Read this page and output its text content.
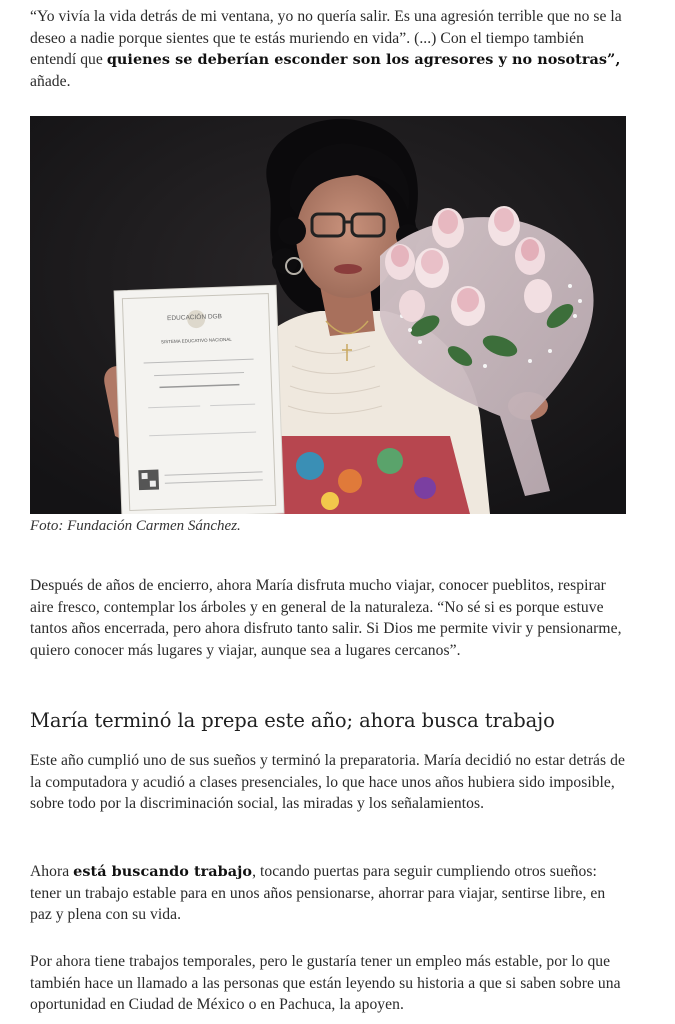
“Yo vivía la vida detrás de mi ventana, yo no quería salir. Es una agresión terrible que no se la deseo a nadie porque sientes que te estás muriendo en vida”. (...) Con el tiempo también entendí que quienes se deberían esconder son los agresores y no nosotras”, añade.

EDUCACIÓN DGB
SISTEMA EDUCATIVO NACIONAL
Foto: Fundación Carmen Sánchez.

Después de años de encierro, ahora María disfruta mucho viajar, conocer pueblitos, respirar aire fresco, contemplar los árboles y en general de la naturaleza. “No sé si es porque estuve tantos años encerrada, pero ahora disfruto tanto salir. Si Dios me permite vivir y pensionarme, quiero conocer más lugares y viajar, aunque sea a lugares cercanos”.

María terminó la prepa este año; ahora busca trabajo

Este año cumplió uno de sus sueños y terminó la preparatoria. María decidió no estar detrás de la computadora y acudió a clases presenciales, lo que hace unos años hubiera sido imposible, sobre todo por la discriminación social, las miradas y los señalamientos.

Ahora está buscando trabajo, tocando puertas para seguir cumpliendo otros sueños: tener un trabajo estable para en unos años pensionarse, ahorrar para viajar, sentirse libre, en paz y plena con su vida.

Por ahora tiene trabajos temporales, pero le gustaría tener un empleo más estable, por lo que también hace un llamado a las personas que están leyendo su historia a que si saben sobre una oportunidad en Ciudad de México o en Pachuca, la apoyen.
